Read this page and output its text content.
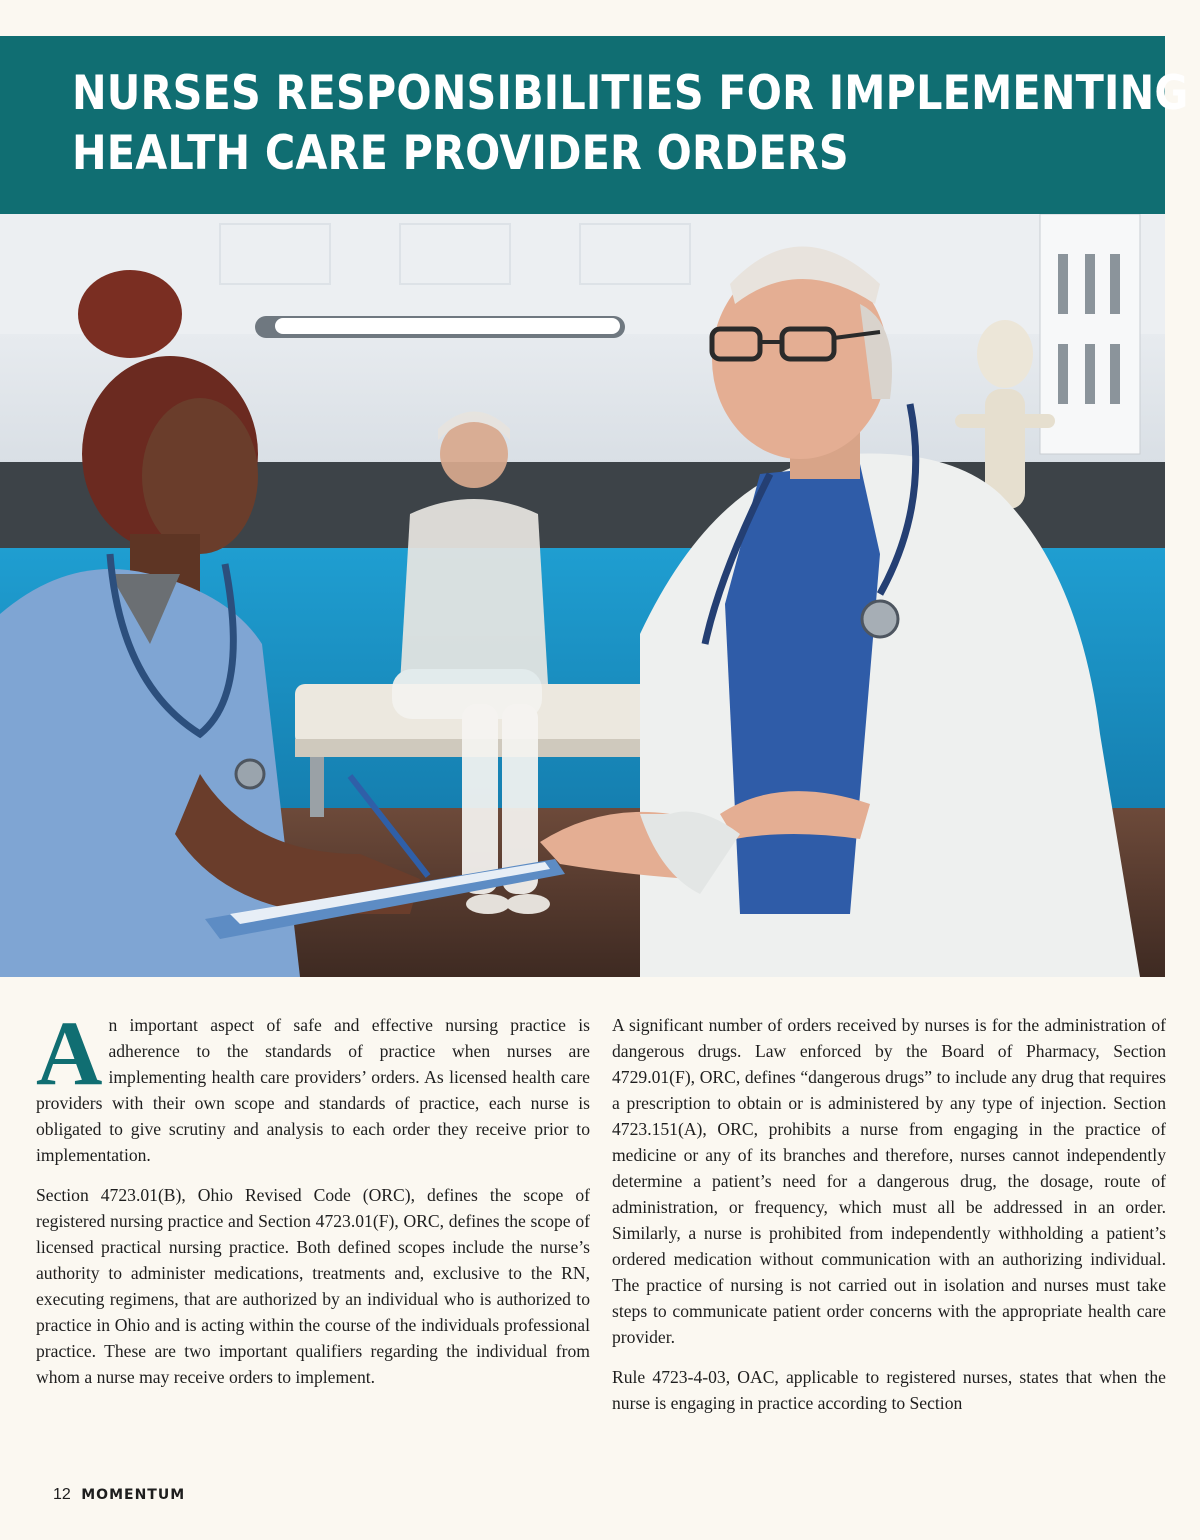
NURSES RESPONSIBILITIES FOR IMPLEMENTING
HEALTH CARE PROVIDER ORDERS

An important aspect of safe and effective nursing practice is adherence to the standards of practice when nurses are implementing health care providers’ orders. As licensed health care providers with their own scope and standards of practice, each nurse is obligated to give scrutiny and analysis to each order they receive prior to implementation.

Section 4723.01(B), Ohio Revised Code (ORC), defines the scope of registered nursing practice and Section 4723.01(F), ORC, defines the scope of licensed practical nursing practice. Both defined scopes include the nurse’s authority to administer medications, treatments and, exclusive to the RN, executing regimens, that are authorized by an individual who is authorized to practice in Ohio and is acting within the course of the individuals professional practice. These are two important qualifiers regarding the individual from whom a nurse may receive orders to implement.

A significant number of orders received by nurses is for the administration of dangerous drugs. Law enforced by the Board of Pharmacy, Section 4729.01(F), ORC, defines “dangerous drugs” to include any drug that requires a prescription to obtain or is administered by any type of injection. Section 4723.151(A), ORC, prohibits a nurse from engaging in the practice of medicine or any of its branches and therefore, nurses cannot independently determine a patient’s need for a dangerous drug, the dosage, route of administration, or frequency, which must all be addressed in an order. Similarly, a nurse is prohibited from independently withholding a patient’s ordered medication without communication with an authorizing individual. The practice of nursing is not carried out in isolation and nurses must take steps to communicate patient order concerns with the appropriate health care provider.

Rule 4723-4-03, OAC, applicable to registered nurses, states that when the nurse is engaging in practice according to Section

12 MOMENTUM
